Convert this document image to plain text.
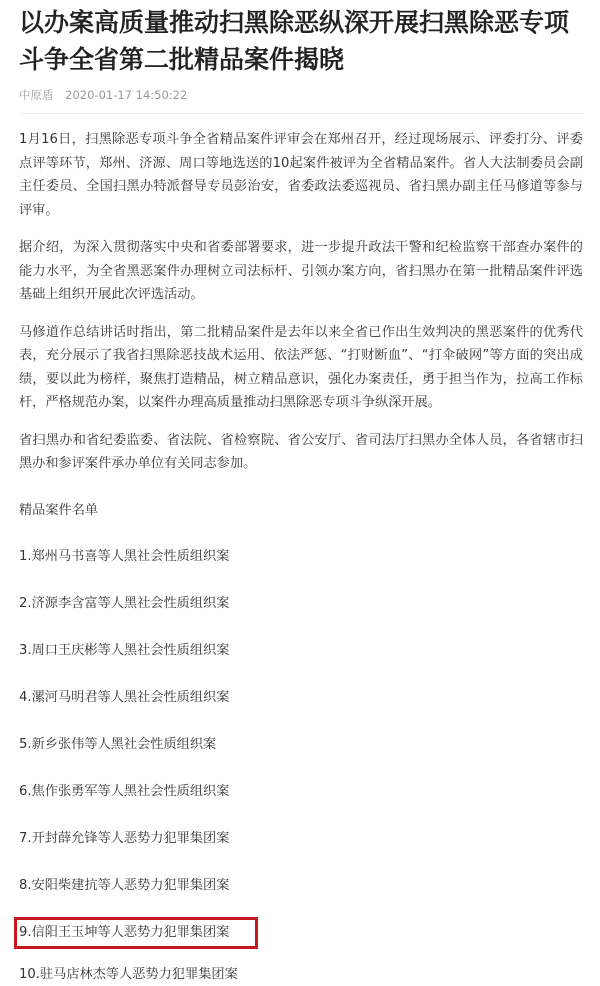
以办案高质量推动扫黑除恶纵深开展扫黑除恶专项斗争全省第二批精品案件揭晓
中原盾 2020-01-17 14:50:22

1月16日，扫黑除恶专项斗争全省精品案件评审会在郑州召开，经过现场展示、评委打分、评委点评等环节，郑州、济源、周口等地选送的10起案件被评为全省精品案件。省人大法制委员会副主任委员、全国扫黑办特派督导专员彭治安，省委政法委巡视员、省扫黑办副主任马修道等参与评审。

据介绍，为深入贯彻落实中央和省委部署要求，进一步提升政法干警和纪检监察干部查办案件的能力水平，为全省黑恶案件办理树立司法标杆、引领办案方向，省扫黑办在第一批精品案件评选基础上组织开展此次评选活动。

马修道作总结讲话时指出，第二批精品案件是去年以来全省已作出生效判决的黑恶案件的优秀代表，充分展示了我省扫黑除恶技战术运用、依法严惩、“打财断血”、“打伞破网”等方面的突出成绩，要以此为榜样，聚焦打造精品，树立精品意识，强化办案责任，勇于担当作为，拉高工作标杆，严格规范办案，以案件办理高质量推动扫黑除恶专项斗争纵深开展。

省扫黑办和省纪委监委、省法院、省检察院、省公安厅、省司法厅扫黑办全体人员，各省辖市扫黑办和参评案件承办单位有关同志参加。

精品案件名单
1.郑州马书喜等人黑社会性质组织案
2.济源李含富等人黑社会性质组织案
3.周口王庆彬等人黑社会性质组织案
4.漯河马明君等人黑社会性质组织案
5.新乡张伟等人黑社会性质组织案
6.焦作张勇军等人黑社会性质组织案
7.开封薛允锋等人恶势力犯罪集团案
8.安阳柴建抗等人恶势力犯罪集团案
9.信阳王玉坤等人恶势力犯罪集团案
10.驻马店林杰等人恶势力犯罪集团案
